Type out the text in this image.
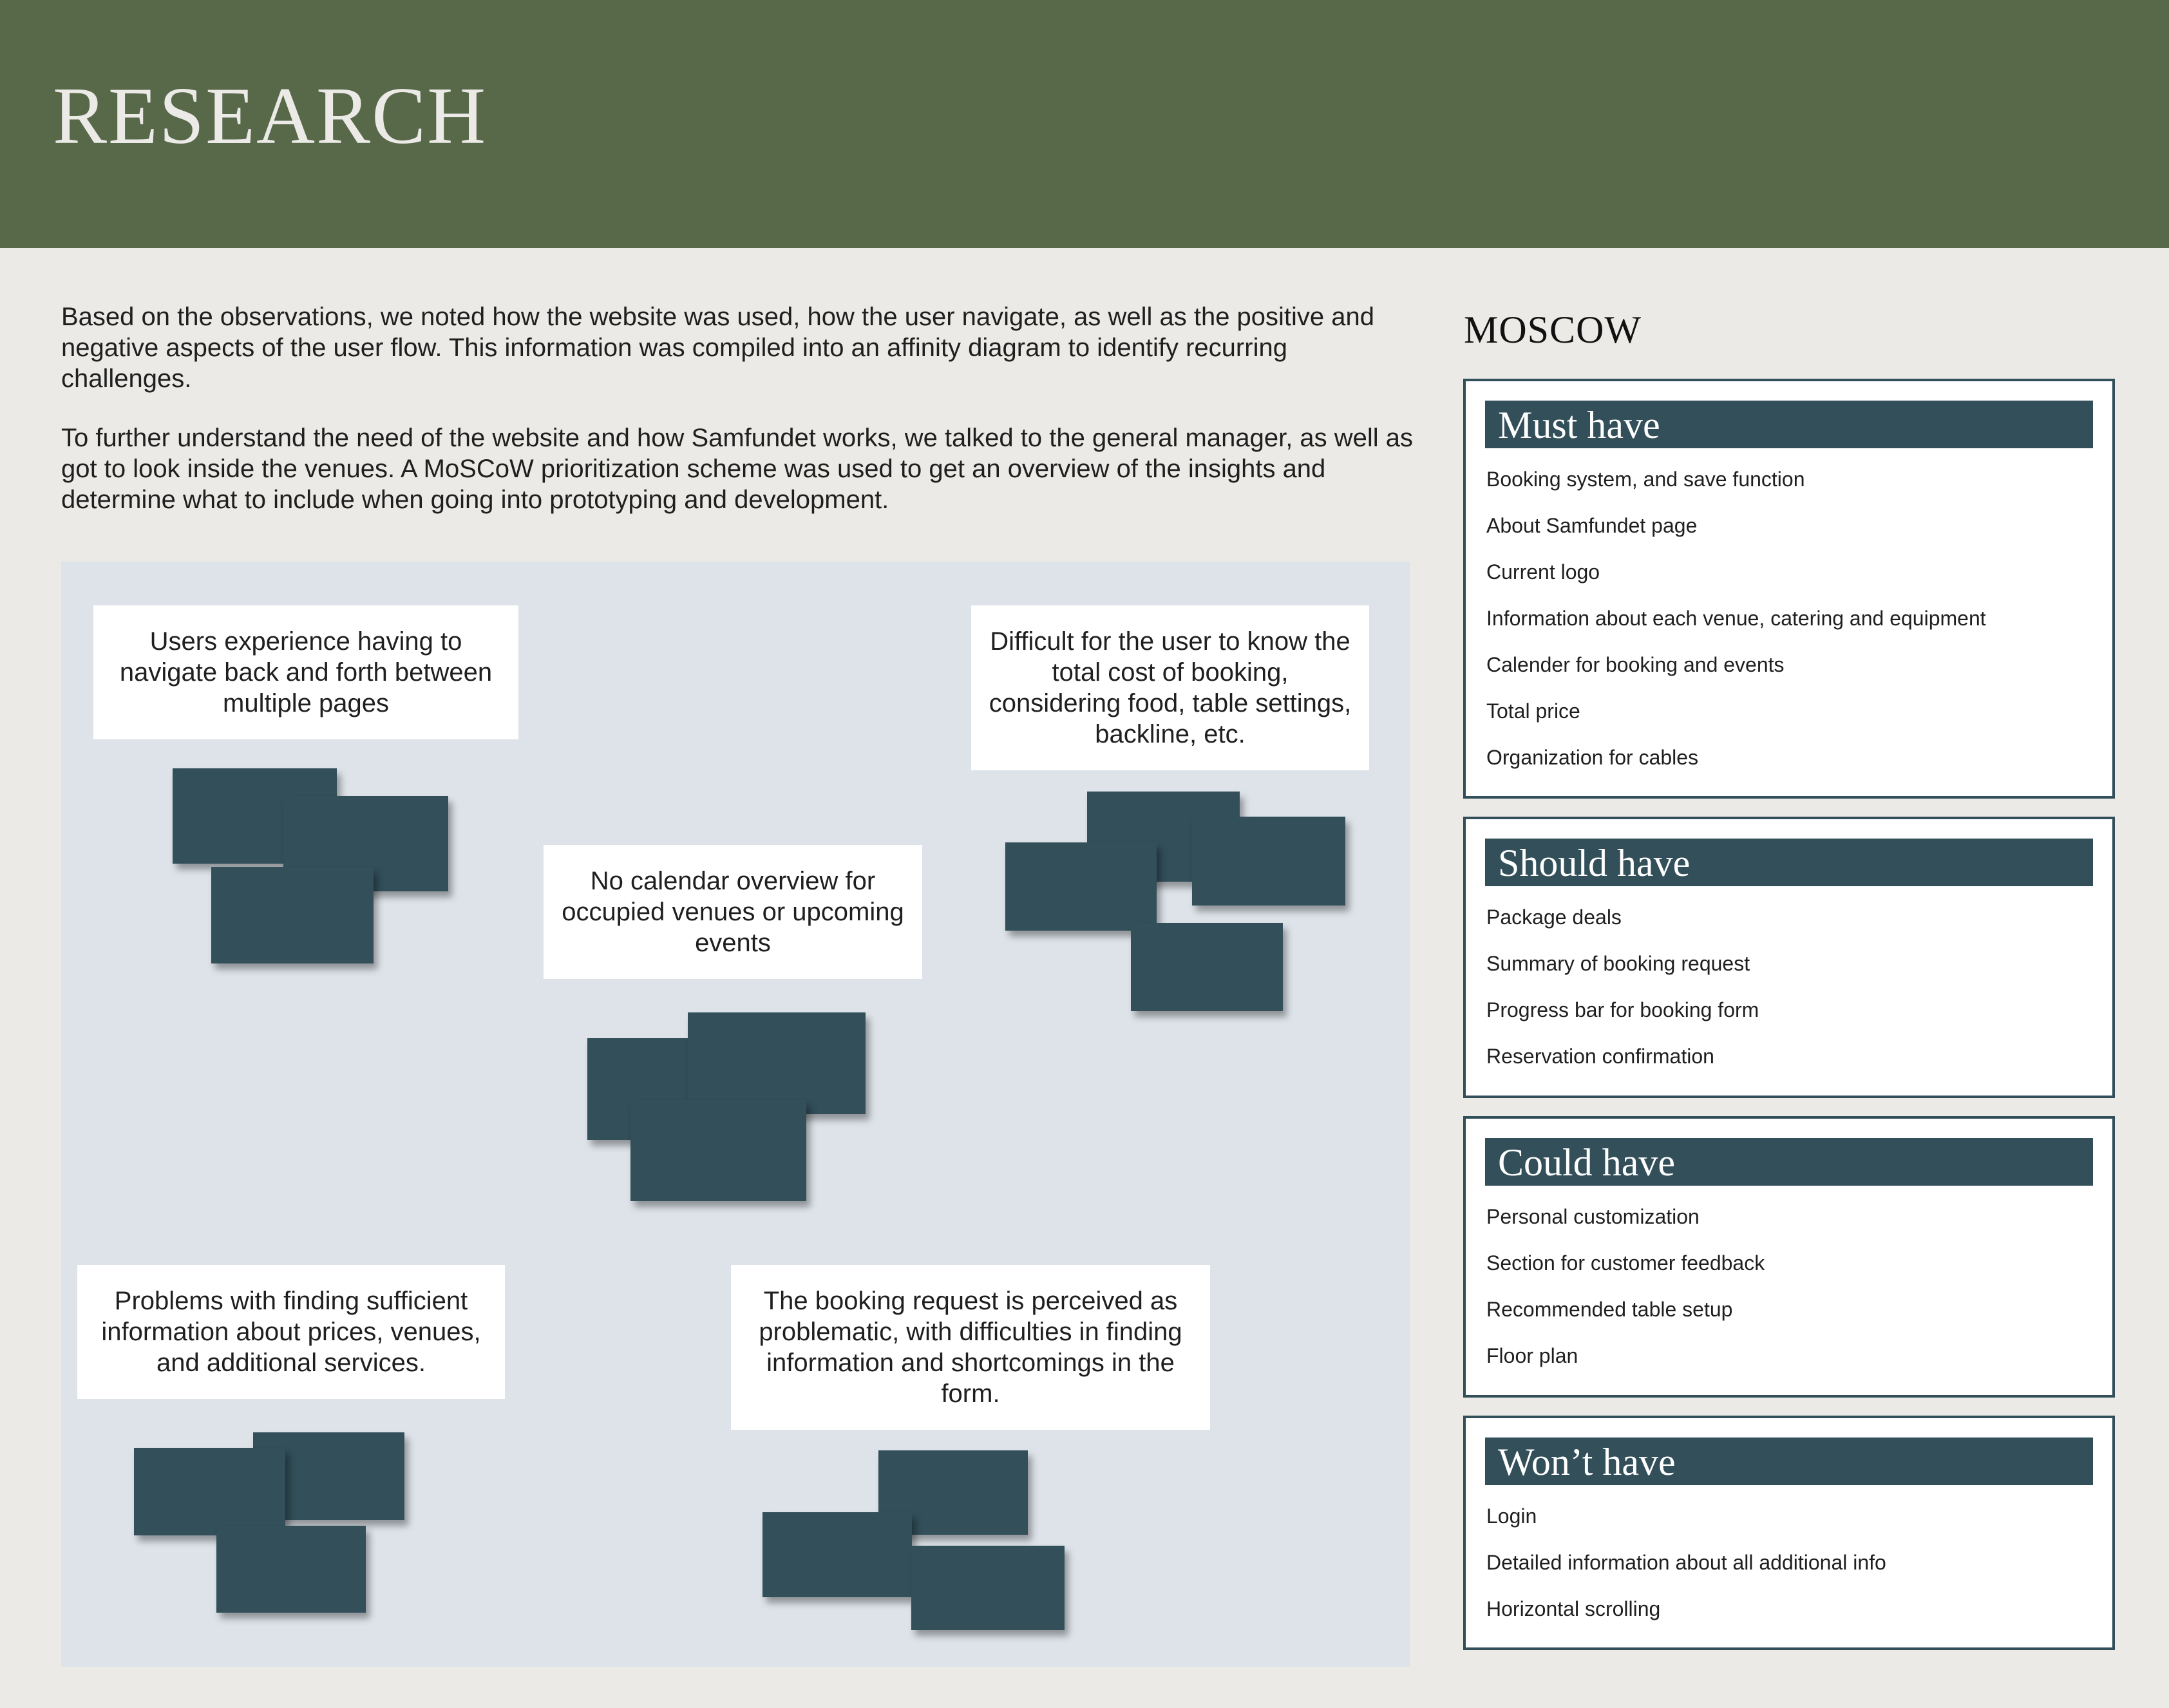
RESEARCH

Based on the observations, we noted how the website was used, how the user navigate, as well as the positive and negative aspects of the user flow. This information was compiled into an affinity diagram to identify recurring challenges.

To further understand the need of the website and how Samfundet works, we talked to the general manager, as well as got to look inside the venues. A MoSCoW prioritization scheme was used to get an overview of the insights and determine what to include when going into prototyping and development.

Users experience having to navigate back and forth between multiple pages
Difficult for the user to know the total cost of booking, considering food, table settings, backline, etc.
No calendar overview for occupied venues or upcoming events
Problems with finding sufficient information about prices, venues, and additional services.
The booking request is perceived as problematic, with difficulties in finding information and shortcomings in the form.
MOSCOW
Must have
Booking system, and save function
About Samfundet page
Current logo
Information about each venue, catering and equipment
Calender for booking and events
Total price
Organization for cables
Should have
Package deals
Summary of booking request
Progress bar for booking form
Reservation confirmation
Could have
Personal customization
Section for customer feedback
Recommended table setup
Floor plan
Won’t have
Login
Detailed information about all additional info
Horizontal scrolling
